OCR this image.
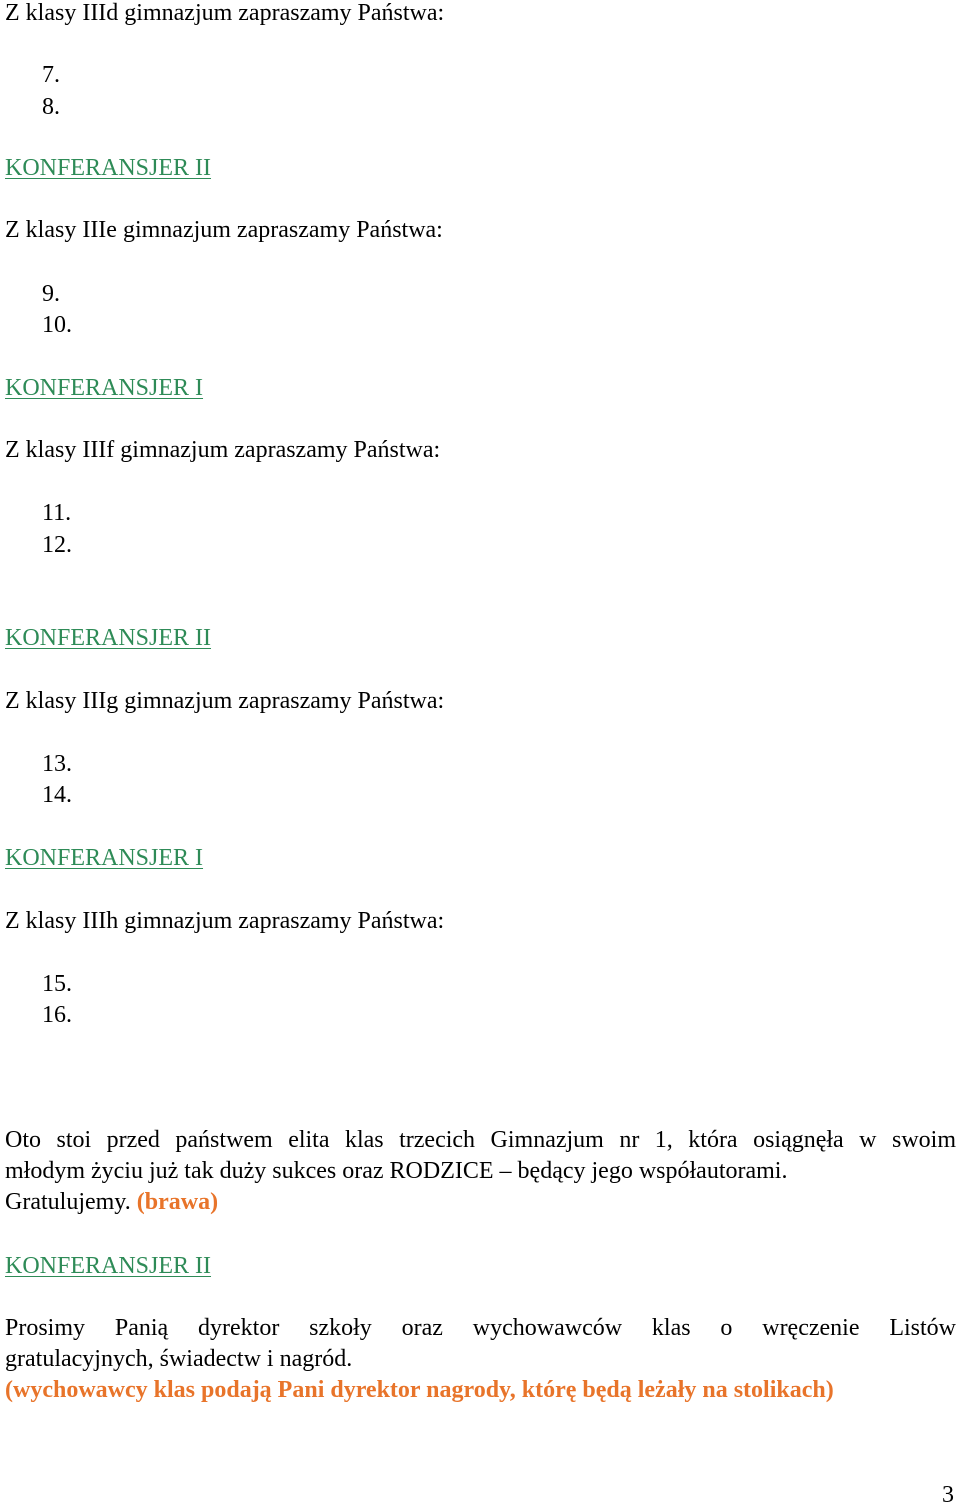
Z klasy IIId gimnazjum zapraszamy Państwa:
7.
8.
KONFERANSJER II
Z klasy IIIe gimnazjum zapraszamy Państwa:
9.
10.
KONFERANSJER I
Z klasy IIIf gimnazjum zapraszamy Państwa:
11.
12.
KONFERANSJER II
Z klasy IIIg gimnazjum zapraszamy Państwa:
13.
14.
KONFERANSJER I
Z klasy IIIh gimnazjum zapraszamy Państwa:
15.
16.
Oto stoi przed państwem elita klas trzecich Gimnazjum nr 1, która osiągnęła w swoim
młodym życiu już tak duży sukces oraz RODZICE – będący jego współautorami.
Gratulujemy. (brawa)
KONFERANSJER II
Prosimy Panią dyrektor szkoły oraz wychowawców klas o wręczenie Listów
gratulacyjnych, świadectw i nagród.
(wychowawcy klas podają Pani dyrektor nagrody, którę będą leżały na stolikach)
3
